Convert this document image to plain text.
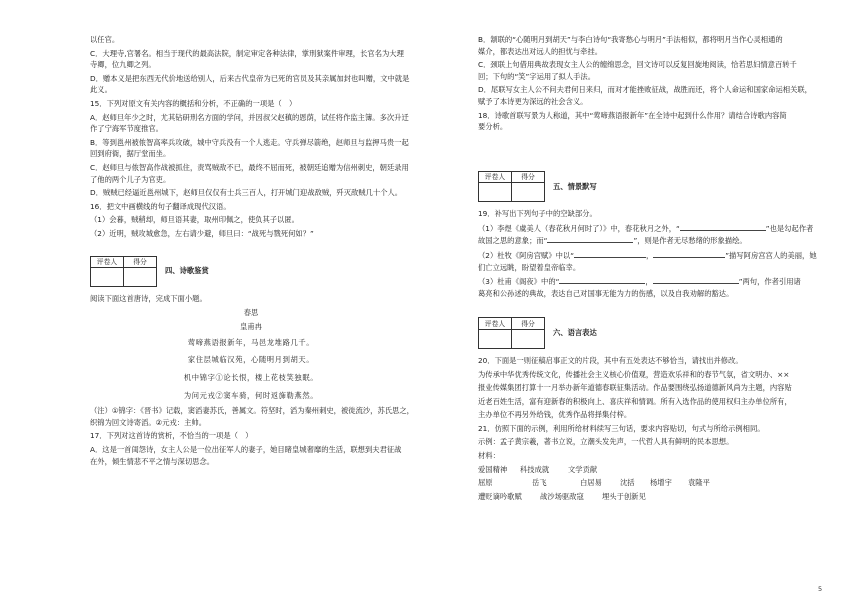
以任官。

C．大理寺,官署名。相当于现代的最高法院，制定审定各种法律，掌刑狱案件审理，长官名为大理

寺卿，位九卿之列。

D．赠本义是把东西无代价地送给别人，后来古代皇帝为已死的官员及其亲属加封也叫赠，文中就是

此义。

15．下列对原文有关内容的概括和分析，不正确的一项是（　）

A．赵师旦年少之时，尤其钻研刑名方面的学问，并因叔父赵稹的恩荫，试任将作监主簿。多次升迁

作了宁海军节度推官。

B．等到邕州被侬智高率兵攻破，城中守兵没有一个人逃走。守兵弹尽箭绝，赵师旦与监押马贵一起

回到府衙，据厅堂而坐。

C．赵师旦与侬智高作战被抓住，责骂贼敌不已，最终不屈而死，被朝廷追赠为信州刺史，朝廷录用

了他的两个儿子为官吏。

D．贼贼已经逼近邕州城下，赵师旦仅仅有士兵三百人，打开城门迎战敌贼，歼灭敌贼几十个人。

16．把文中画横线的句子翻译成现代汉语。

（1）会暮，贼稍却，师旦语其妻，取州印佩之，使负其子以匿。

（2）近明，贼攻城愈急，左右请少避，师旦曰：“战死与戮死何如？”

评卷人	得分

四、诗歌鉴赏

阅读下面这首唐诗，完成下面小题。

春思

皇甫冉

莺啼燕语报新年，马邑龙堆路几千。

家住层城临汉苑，心随明月到胡天。

机中锦字①论长恨，楼上花枝笑独眠。

为问元戎②窦车骑，何时返旆勒燕然。

（注）①锦字：《晋书》记载，窦滔妻苏氏，善属文。符坚时，滔为秦州刺史，被徙流沙，苏氏思之，

织锦为回文诗寄滔。②元戎：主帅。

17．下列对这首诗的赏析，不恰当的一项是（　）

A．这是一首闺怨诗，女主人公是一位出征军人的妻子，她目睹皇城奢靡的生活，联想到夫君征战

在外，倾生情悲不平之情与深切思念。

B．颔联的“心随明月到胡天”与李白诗句“我寄愁心与明月”手法相似，都将明月当作心灵相通的

媒介，都表达出对远人的担忧与牵挂。

C．颈联上句借用典故表现女主人公的缠绵思念，回文诗可以反复回旋地阅读，恰若思妇情意百转千

回；下句的“笑”字运用了拟人手法。

D．尾联写女主人公不问夫君何日来归，而对才能挫败征战，战胜而还，将个人命运和国家命运相关联，

赋予了本诗更为深远的社会含义。

18．诗歌首联写景为人称道，其中“莺啼燕语报新年”在全诗中起到什么作用？请结合诗歌内容简

要分析。

评卷人	得分

五、情景默写

19．补写出下列句子中的空缺部分。

（1）李煜《虞美人（春花秋月何时了）》中，春花秋月之外，“	”也是勾起作者

故国之思的意象；而“	”，则是作者无尽愁绪的形象描绘。

（2）杜牧《阿房宫赋》中以“	，	”描写阿房宫宫人的美丽，她

们亡立远眺，盼望着皇帝临幸。

（3）杜甫《阁夜》中的“	，	”两句，作者引用诸

葛亮和公孙述的典故，表达自己对国事无能为力的伤感，以及自我劝解的豁达。

评卷人	得分

六、语言表达

20．下面是一则征稿启事正文的片段，其中有五处表达不够恰当，请找出并修改。

为传承中华优秀传统文化，传播社会主义核心价值观，营造欢乐祥和的春节气氛，省文明办、××

报业传媒集团打算十一月举办新年道德春联征集活动。作品要围绕弘扬道德新风尚为主题，内容贴

近老百姓生活，富有迎新春的积极向上、喜庆祥和情调。所有入选作品的使用权归主办单位所有，

主办单位不再另外给钱，优秀作品将择集付梓。

21．仿照下面的示例，利用所给材料续写三句话，要求内容贴切，句式与所给示例相同。

示例：孟子黄宗羲，著书立说，立潮头发先声，一代哲人具有鲜明的民本思想。

材料：

爱国精神 科技成就	文学贡献

屈原	岳飞	白居易 沈括 杨增宇 袁隆平

遭贬谪吟歌赋 战沙场驱敌寇 埋头于创新见

5
